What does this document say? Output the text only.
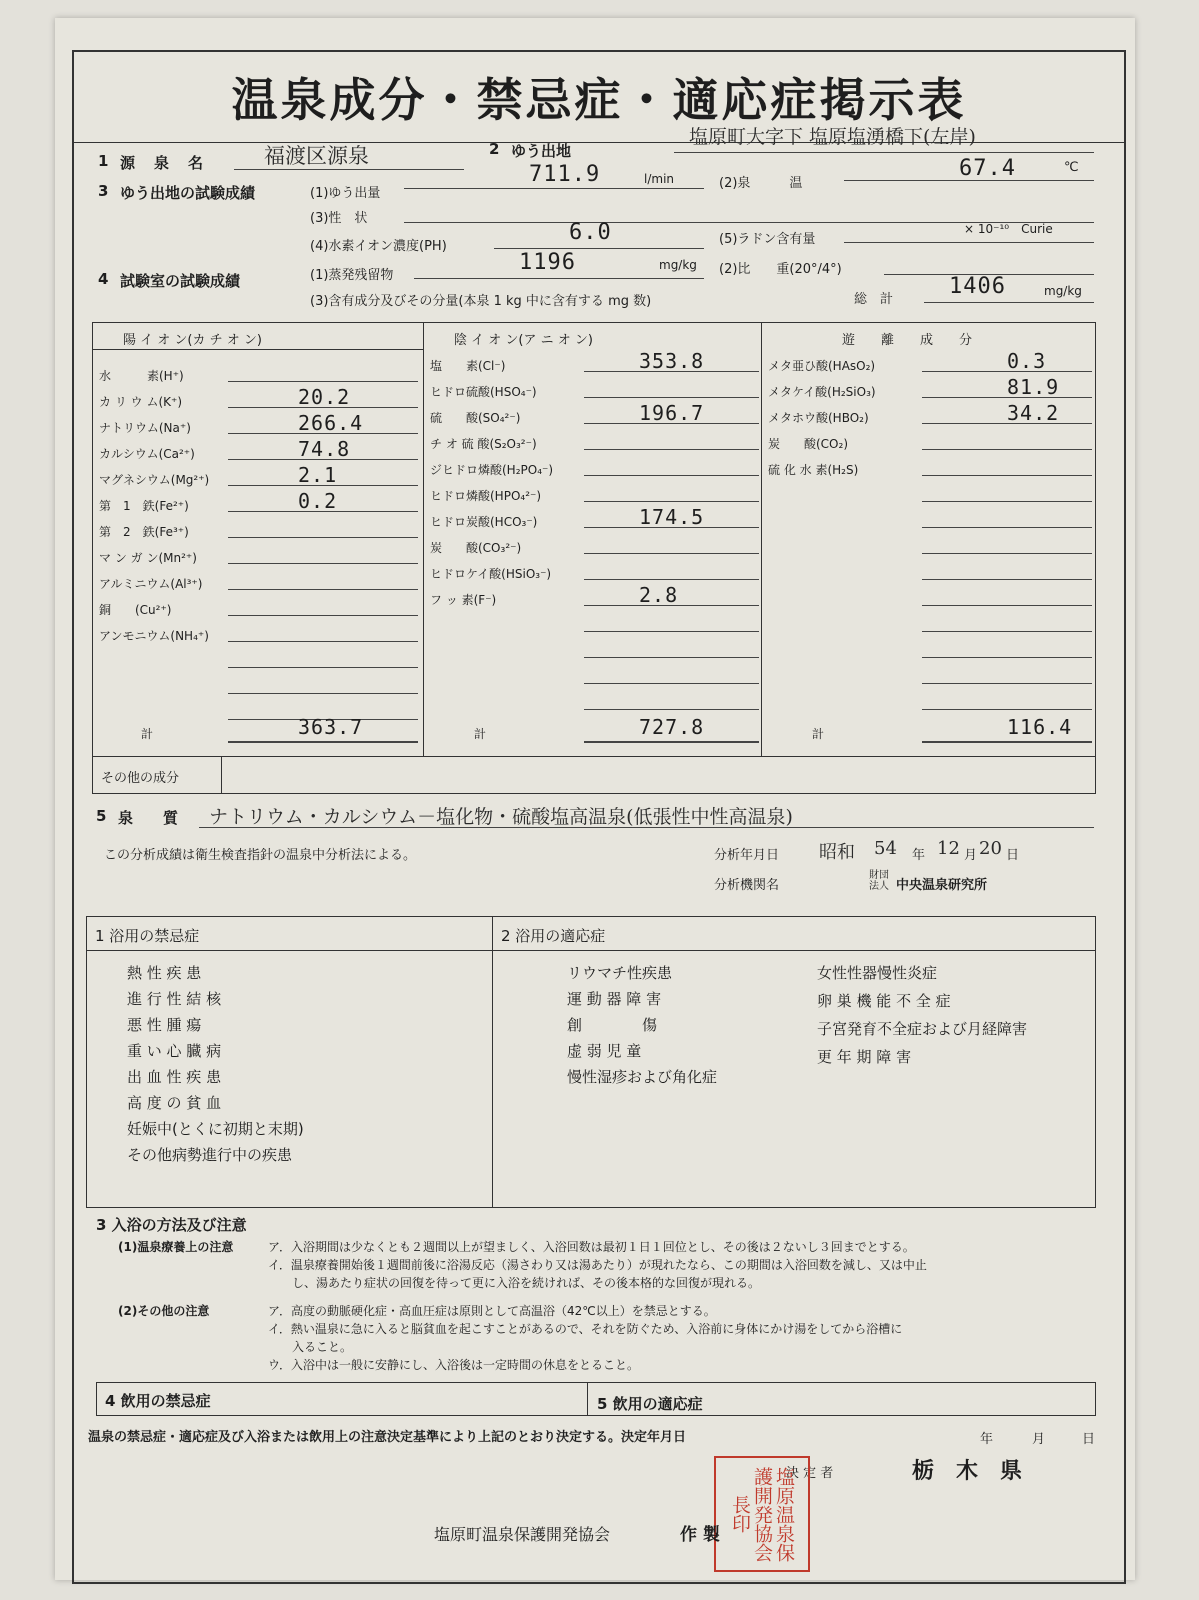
温泉成分・禁忌症・適応症掲示表
1 源　泉　名	福渡区源泉	2 ゆう出地
塩原町大字下 塩原塩湧橋下(左岸)
3 ゆう出地の試験成績	(1)ゆう出量
711.9	l/min	(2)泉　　　温
67.4	℃
(3)性　状
(4)水素イオン濃度(PH)
6.0	(5)ラドン含有量
× 10⁻¹⁰　Curie
4 試験室の試験成績	(1)蒸発残留物
1196	mg/kg (2)比　　重(20°/4°)
(3)含有成分及びその分量(本泉 1 kg 中に含有する mg 数)	総　計
1406	mg/kg
その他の成分
陽 イ オ ン(カ チ オ ン)
水　　　素(H⁺)
カ リ ウ ム(K⁺)	20.2
ナトリウム(Na⁺)	266.4
カルシウム(Ca²⁺)	74.8
マグネシウム(Mg²⁺)	2.1
第　1　鉄(Fe²⁺)	0.2
第　2　鉄(Fe³⁺)
マ ン ガ ン(Mn²⁺)
アルミニウム(Al³⁺)
銅　　(Cu²⁺)
アンモニウム(NH₄⁺)
計	363.7
陰 イ オ ン(ア ニ オ ン)
塩　　素(Cl⁻)	353.8
ヒドロ硫酸(HSO₄⁻)
硫　　酸(SO₄²⁻)	196.7
チ オ 硫 酸(S₂O₃²⁻)
ジヒドロ燐酸(H₂PO₄⁻)
ヒドロ燐酸(HPO₄²⁻)
ヒドロ炭酸(HCO₃⁻)	174.5
炭　　酸(CO₃²⁻)
ヒドロケイ酸(HSiO₃⁻)
フ ッ 素(F⁻)	2.8
計	727.8
遊　　離　　成　　分
メタ亜ひ酸(HAsO₂)	0.3
メタケイ酸(H₂SiO₃)	81.9
メタホウ酸(HBO₂)	34.2
炭　　酸(CO₂)
硫 化 水 素(H₂S)
計	116.4
5 泉　　質 ナトリウム・カルシウム－塩化物・硫酸塩高温泉(低張性中性高温泉)
この分析成績は衛生検査指針の温泉中分析法による。	分析年月日 昭和 54 年 12 月 20 日
分析機関名
財団
法人 中央温泉研究所
1 浴用の禁忌症	2 浴用の適応症
熱 性 疾 患
進 行 性 結 核
悪 性 腫 瘍
重 い 心 臓 病
出 血 性 疾 患
高 度 の 貧 血
妊娠中(とくに初期と末期)
その他病勢進行中の疾患
リウマチ性疾患
運 動 器 障 害
創　　　　傷
虚 弱 児 童
慢性湿疹および角化症
女性性器慢性炎症
卵 巣 機 能 不 全 症
子宮発育不全症および月経障害
更 年 期 障 害
3 入浴の方法及び注意
(1)温泉療養上の注意	ア．入浴期間は少なくとも２週間以上が望ましく、入浴回数は最初１日１回位とし、その後は２ないし３回までとする。
イ．温泉療養開始後１週間前後に浴湯反応（湯さわり又は湯あたり）が現れたなら、この期間は入浴回数を減し、又は中止
　　し、湯あたり症状の回復を待って更に入浴を続ければ、その後本格的な回復が現れる。
(2)その他の注意	ア．高度の動脈硬化症・高血圧症は原則として高温浴（42℃以上）を禁忌とする。
イ．熱い温泉に急に入ると脳貧血を起こすことがあるので、それを防ぐため、入浴前に身体にかけ湯をしてから浴槽に
　　入ること。
ウ．入浴中は一般に安静にし、入浴後は一定時間の休息をとること。
4 飲用の禁忌症	5 飲用の適応症
温泉の禁忌症・適応症及び入浴または飲用上の注意決定基準により上記のとおり決定する。決定年月日	年	月	日
決 定 者	栃　木　県
塩原温泉保護開発協会長印
塩原町温泉保護開発協会	作 製
